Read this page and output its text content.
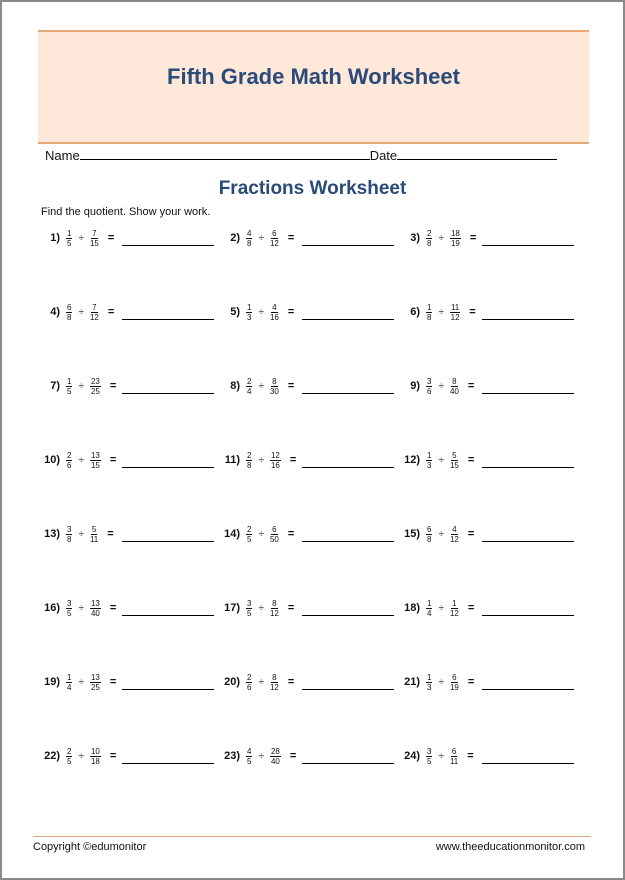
Fifth Grade Math Worksheet
Name	Date
Fractions Worksheet
Find the quotient. Show your work.
$1) \frac{1}{5} \div \frac{7}{15}$ =	$2) \frac{4}{8} \div \frac{6}{12}$ =	$3) \frac{2}{8} \div \frac{18}{19}$ =
$4) \frac{6}{8} \div \frac{7}{12}$ =	$5) \frac{1}{3} \div \frac{4}{16}$ =	$6) \frac{1}{8} \div \frac{11}{12}$ =
$7) \frac{1}{5} \div \frac{23}{25}$ =	$8) \frac{2}{4} \div \frac{8}{30}$ =	$9) \frac{3}{6} \div \frac{8}{40}$ =
$10) \frac{2}{6} \div \frac{13}{15}$ =	$11) \frac{2}{8} \div \frac{12}{16}$ =	$12) \frac{1}{3} \div \frac{5}{15}$ =
$13) \frac{3}{8} \div \frac{5}{11}$ =	$14) \frac{2}{5} \div \frac{6}{50}$ =	$15) \frac{6}{8} \div \frac{4}{12}$ =
$16) \frac{3}{5} \div \frac{13}{40}$ =	$17) \frac{3}{5} \div \frac{8}{12}$ =	$18) \frac{1}{4} \div \frac{1}{12}$ =
$19) \frac{1}{4} \div \frac{13}{25}$ =	$20) \frac{2}{6} \div \frac{8}{12}$ =	$21) \frac{1}{3} \div \frac{6}{19}$ =
$22) \frac{2}{5} \div \frac{10}{18}$ =	$23) \frac{4}{5} \div \frac{28}{40}$ =	$24) \frac{3}{5} \div \frac{6}{11}$ =
Copyright ©edumonitor	www.theeducationmonitor.com
